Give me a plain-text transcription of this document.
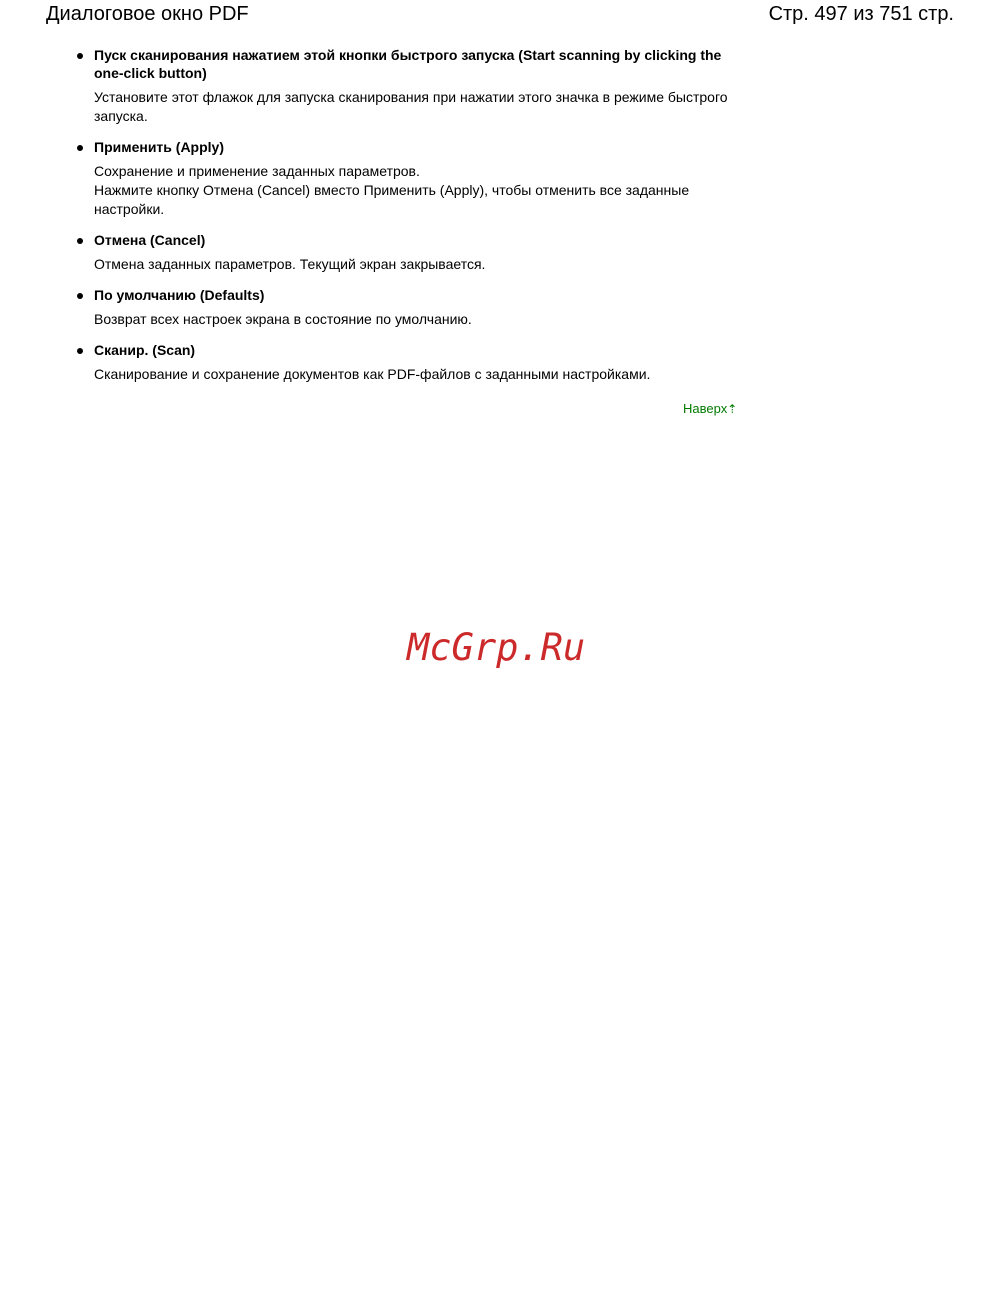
Диалоговое окно PDF	Стр. 497 из 751 стр.

Пуск сканирования нажатием этой кнопки быстрого запуска (Start scanning by clicking the one-click button)

Установите этот флажок для запуска сканирования при нажатии этого значка в режиме быстрого запуска.

Применить (Apply)

Сохранение и применение заданных параметров.

Нажмите кнопку Отмена (Cancel) вместо Применить (Apply), чтобы отменить все заданные настройки.

Отмена (Cancel)

Отмена заданных параметров. Текущий экран закрывается.

По умолчанию (Defaults)

Возврат всех настроек экрана в состояние по умолчанию.

Сканир. (Scan)

Сканирование и сохранение документов как PDF-файлов с заданными настройками.

Наверх⇡
McGrp.Ru
